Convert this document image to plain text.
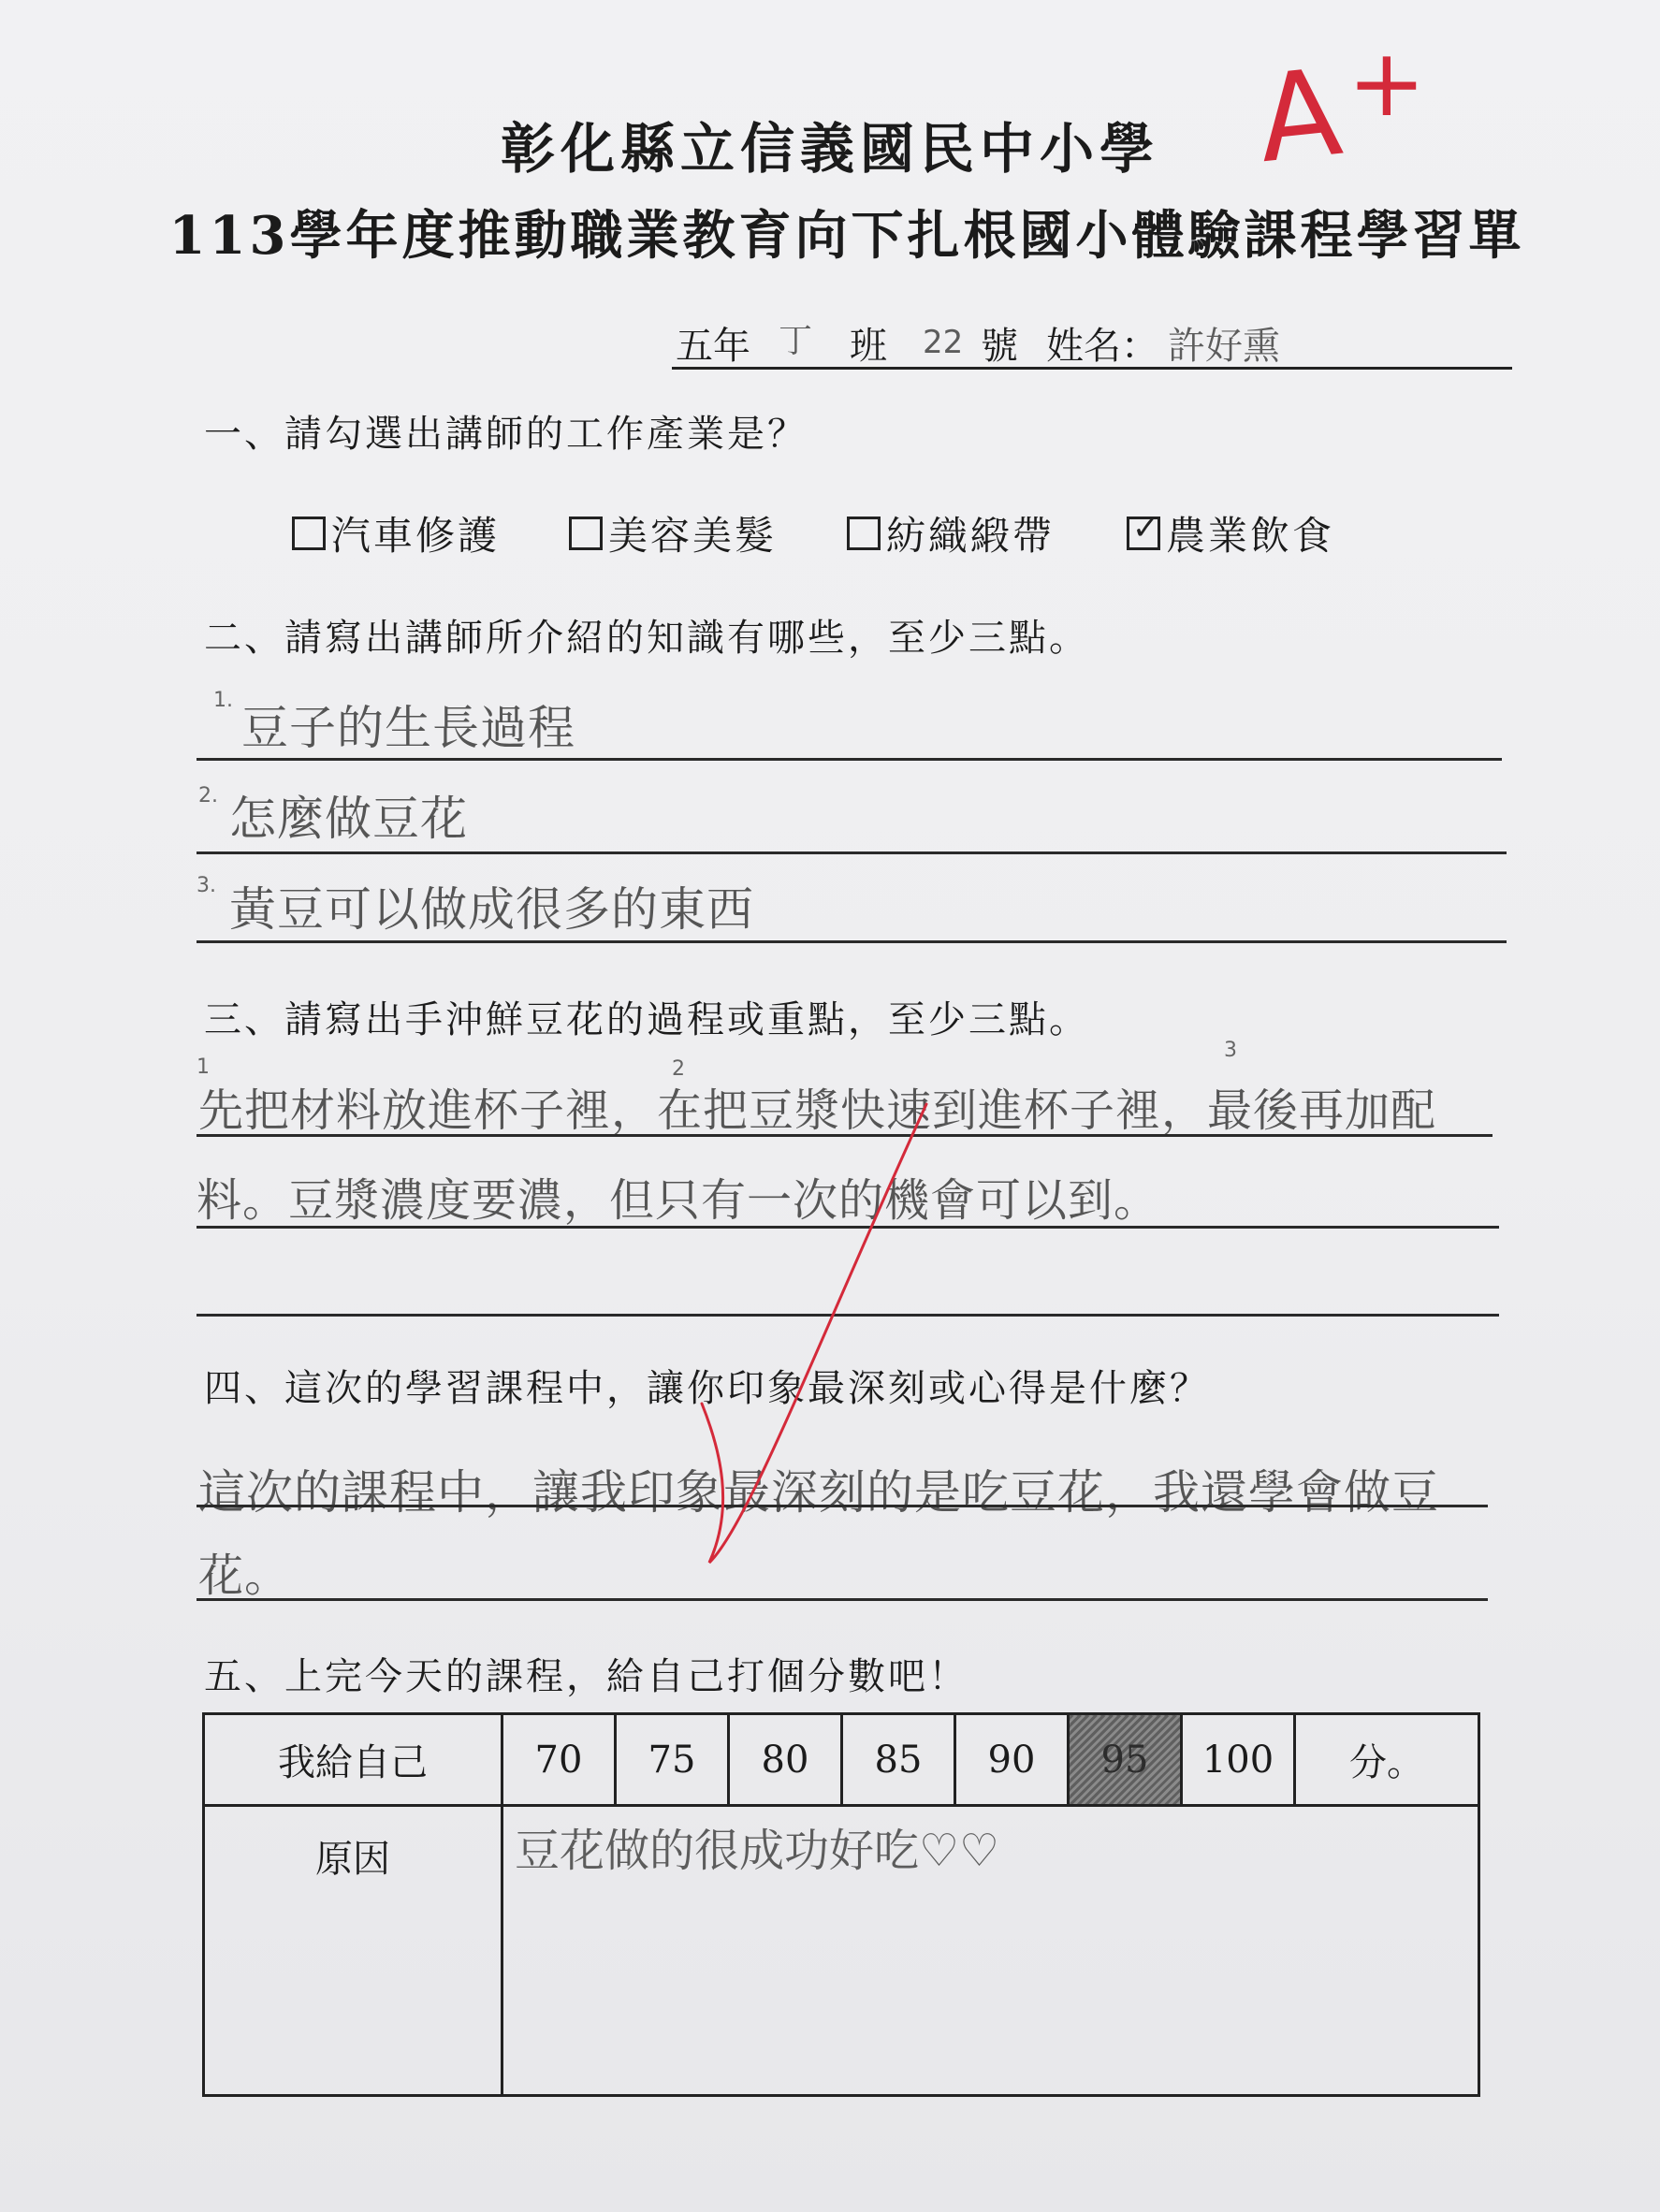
彰化縣立信義國民中小學
113學年度推動職業教育向下扎根國小體驗課程學習單
A +
五年 丁 班 22 號 姓名： 許好熏
一、請勾選出講師的工作產業是？
汽車修護	美容美髮	紡織緞帶 ✓ 農業飲食
二、請寫出講師所介紹的知識有哪些，至少三點。
1.
豆子的生長過程
2. 怎麼做豆花
3. 黃豆可以做成很多的東西
三、請寫出手沖鮮豆花的過程或重點，至少三點。
1	2
3
先把材料放進杯子裡，在把豆漿快速到進杯子裡，最後再加配
料。豆漿濃度要濃，但只有一次的機會可以到。
四、這次的學習課程中，讓你印象最深刻或心得是什麼？
這次的課程中，讓我印象最深刻的是吃豆花，我還學會做豆
花。
五、上完今天的課程，給自己打個分數吧！
我給自己	70	75	80	85	90	95	100	分。
原因	豆花做的很成功好吃♡♡							
